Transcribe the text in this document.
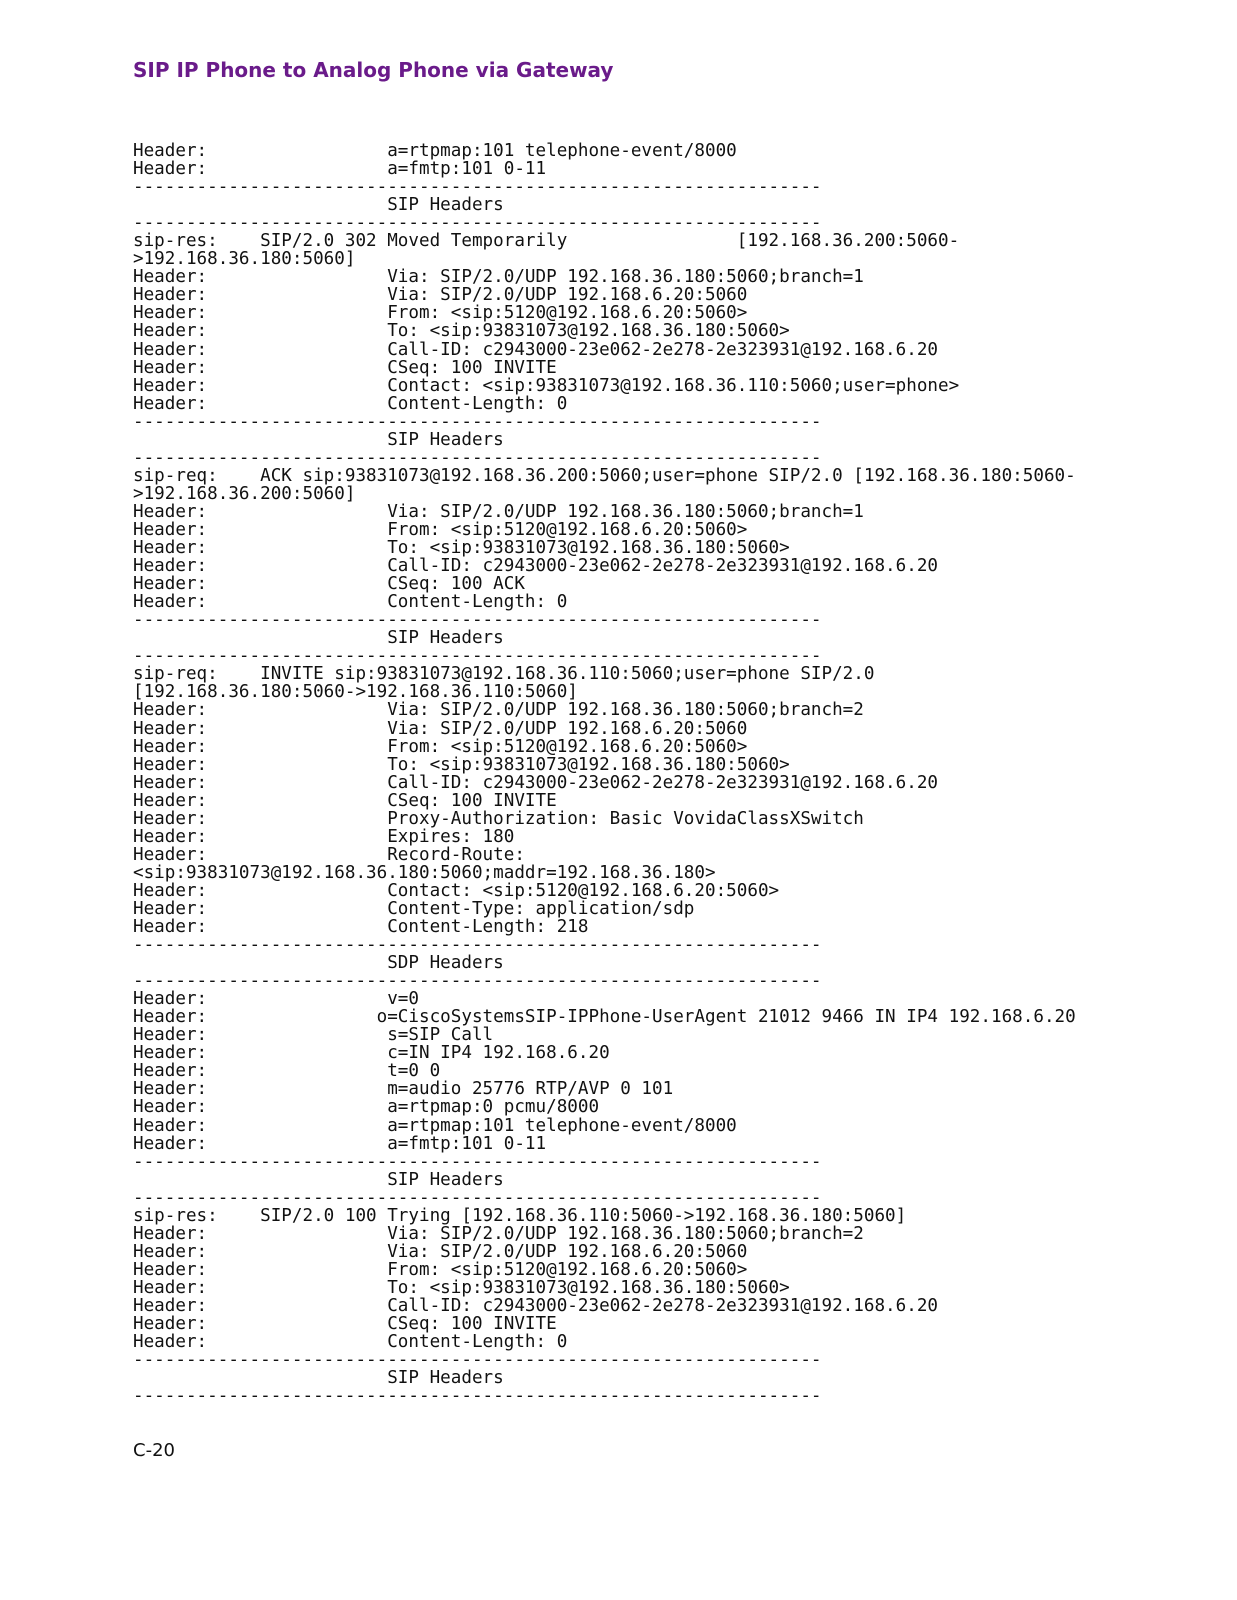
SIP IP Phone to Analog Phone via Gateway
Header:                 a=rtpmap:101 telephone-event/8000
Header:                 a=fmtp:101 0-11
-----------------------------------------------------------------
SIP Headers
-----------------------------------------------------------------
sip-res:    SIP/2.0 302 Moved Temporarily                [192.168.36.200:5060-
>192.168.36.180:5060]
Header:                 Via: SIP/2.0/UDP 192.168.36.180:5060;branch=1
Header:                 Via: SIP/2.0/UDP 192.168.6.20:5060
Header:                 From: <sip:5120@192.168.6.20:5060>
Header:                 To: <sip:93831073@192.168.36.180:5060>
Header:                 Call-ID: c2943000-23e062-2e278-2e323931@192.168.6.20
Header:                 CSeq: 100 INVITE
Header:                 Contact: <sip:93831073@192.168.36.110:5060;user=phone>
Header:                 Content-Length: 0
-----------------------------------------------------------------
SIP Headers
-----------------------------------------------------------------
sip-req:    ACK sip:93831073@192.168.36.200:5060;user=phone SIP/2.0 [192.168.36.180:5060-
>192.168.36.200:5060]
Header:                 Via: SIP/2.0/UDP 192.168.36.180:5060;branch=1
Header:                 From: <sip:5120@192.168.6.20:5060>
Header:                 To: <sip:93831073@192.168.36.180:5060>
Header:                 Call-ID: c2943000-23e062-2e278-2e323931@192.168.6.20
Header:                 CSeq: 100 ACK
Header:                 Content-Length: 0
-----------------------------------------------------------------
SIP Headers
-----------------------------------------------------------------
sip-req:    INVITE sip:93831073@192.168.36.110:5060;user=phone SIP/2.0
[192.168.36.180:5060->192.168.36.110:5060]
Header:                 Via: SIP/2.0/UDP 192.168.36.180:5060;branch=2
Header:                 Via: SIP/2.0/UDP 192.168.6.20:5060
Header:                 From: <sip:5120@192.168.6.20:5060>
Header:                 To: <sip:93831073@192.168.36.180:5060>
Header:                 Call-ID: c2943000-23e062-2e278-2e323931@192.168.6.20
Header:                 CSeq: 100 INVITE
Header:                 Proxy-Authorization: Basic VovidaClassXSwitch
Header:                 Expires: 180
Header:                 Record-Route:
<sip:93831073@192.168.36.180:5060;maddr=192.168.36.180>
Header:                 Contact: <sip:5120@192.168.6.20:5060>
Header:                 Content-Type: application/sdp
Header:                 Content-Length: 218
-----------------------------------------------------------------
SDP Headers
-----------------------------------------------------------------
Header:                 v=0
Header:                o=CiscoSystemsSIP-IPPhone-UserAgent 21012 9466 IN IP4 192.168.6.20
Header:                 s=SIP Call
Header:                 c=IN IP4 192.168.6.20
Header:                 t=0 0
Header:                 m=audio 25776 RTP/AVP 0 101
Header:                 a=rtpmap:0 pcmu/8000
Header:                 a=rtpmap:101 telephone-event/8000
Header:                 a=fmtp:101 0-11
-----------------------------------------------------------------
SIP Headers
-----------------------------------------------------------------
sip-res:    SIP/2.0 100 Trying [192.168.36.110:5060->192.168.36.180:5060]
Header:                 Via: SIP/2.0/UDP 192.168.36.180:5060;branch=2
Header:                 Via: SIP/2.0/UDP 192.168.6.20:5060
Header:                 From: <sip:5120@192.168.6.20:5060>
Header:                 To: <sip:93831073@192.168.36.180:5060>
Header:                 Call-ID: c2943000-23e062-2e278-2e323931@192.168.6.20
Header:                 CSeq: 100 INVITE
Header:                 Content-Length: 0
-----------------------------------------------------------------
SIP Headers
-----------------------------------------------------------------
C-20
